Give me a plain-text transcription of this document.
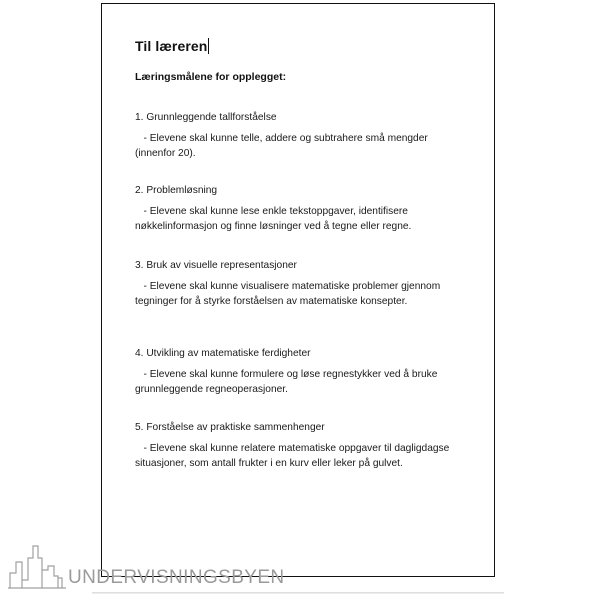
Til læreren
Læringsmålene for opplegget:
1. Grunnleggende tallforståelse
- Elevene skal kunne telle, addere og subtrahere små mengder (innenfor 20).
2. Problemløsning
- Elevene skal kunne lese enkle tekstoppgaver, identifisere nøkkelinformasjon og finne løsninger ved å tegne eller regne.
3. Bruk av visuelle representasjoner
- Elevene skal kunne visualisere matematiske problemer gjennom tegninger for å styrke forståelsen av matematiske konsepter.
4. Utvikling av matematiske ferdigheter
- Elevene skal kunne formulere og løse regnestykker ved å bruke grunnleggende regneoperasjoner.
5. Forståelse av praktiske sammenhenger
- Elevene skal kunne relatere matematiske oppgaver til dagligdagse situasjoner, som antall frukter i en kurv eller leker på gulvet.
UNDERVISNINGSBYEN
